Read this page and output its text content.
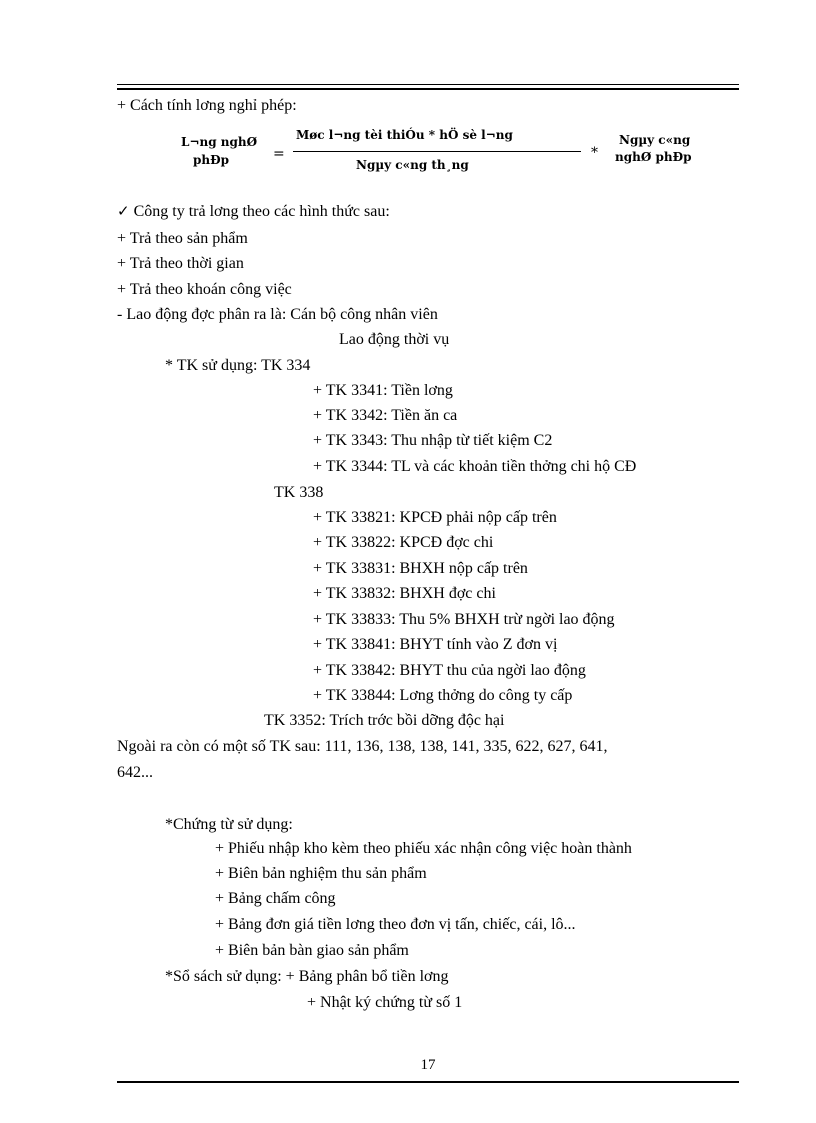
+ Cách tính lơng nghỉ phép:
L¬ng nghØ
phÐp	=
Møc l¬ng tèi thiÓu * hÖ sè l¬ng
Ngµy c«ng th¸ng
*
Ngµy c«ng
nghØ phÐp
✓ Công ty trả lơng theo các hình thức sau:
+ Trả theo sản phẩm
+ Trả theo thời gian
+ Trả theo khoán công việc
- Lao động đợc phân ra là: Cán bộ công nhân viên
Lao động thời vụ
* TK sử dụng: TK 334
+ TK 3341: Tiền lơng
+ TK 3342: Tiền ăn ca
+ TK 3343: Thu nhập từ tiết kiệm C2
+ TK 3344: TL và các khoản tiền thởng chi hộ CĐ
TK 338
+ TK 33821: KPCĐ phải nộp cấp trên
+ TK 33822: KPCĐ đợc chi
+ TK 33831: BHXH nộp cấp trên
+ TK 33832: BHXH đợc chi
+ TK 33833: Thu 5% BHXH trừ ngời lao động
+ TK 33841: BHYT tính vào Z đơn vị
+ TK 33842: BHYT thu của ngời lao động
+ TK 33844: Lơng thởng do công ty cấp
TK 3352: Trích trớc bồi dỡng độc hại
Ngoài ra còn có một số TK sau: 111, 136, 138, 138, 141, 335, 622, 627, 641,
642...
*Chứng từ sử dụng:
+ Phiếu nhập kho kèm theo phiếu xác nhận công việc hoàn thành
+ Biên bản nghiệm thu sản phẩm
+ Bảng chấm công
+ Bảng đơn giá tiền lơng theo đơn vị tấn, chiếc, cái, lô...
+ Biên bản bàn giao sản phẩm
*Sổ sách sử dụng: + Bảng phân bổ tiền lơng
+ Nhật ký chứng từ số 1
17
